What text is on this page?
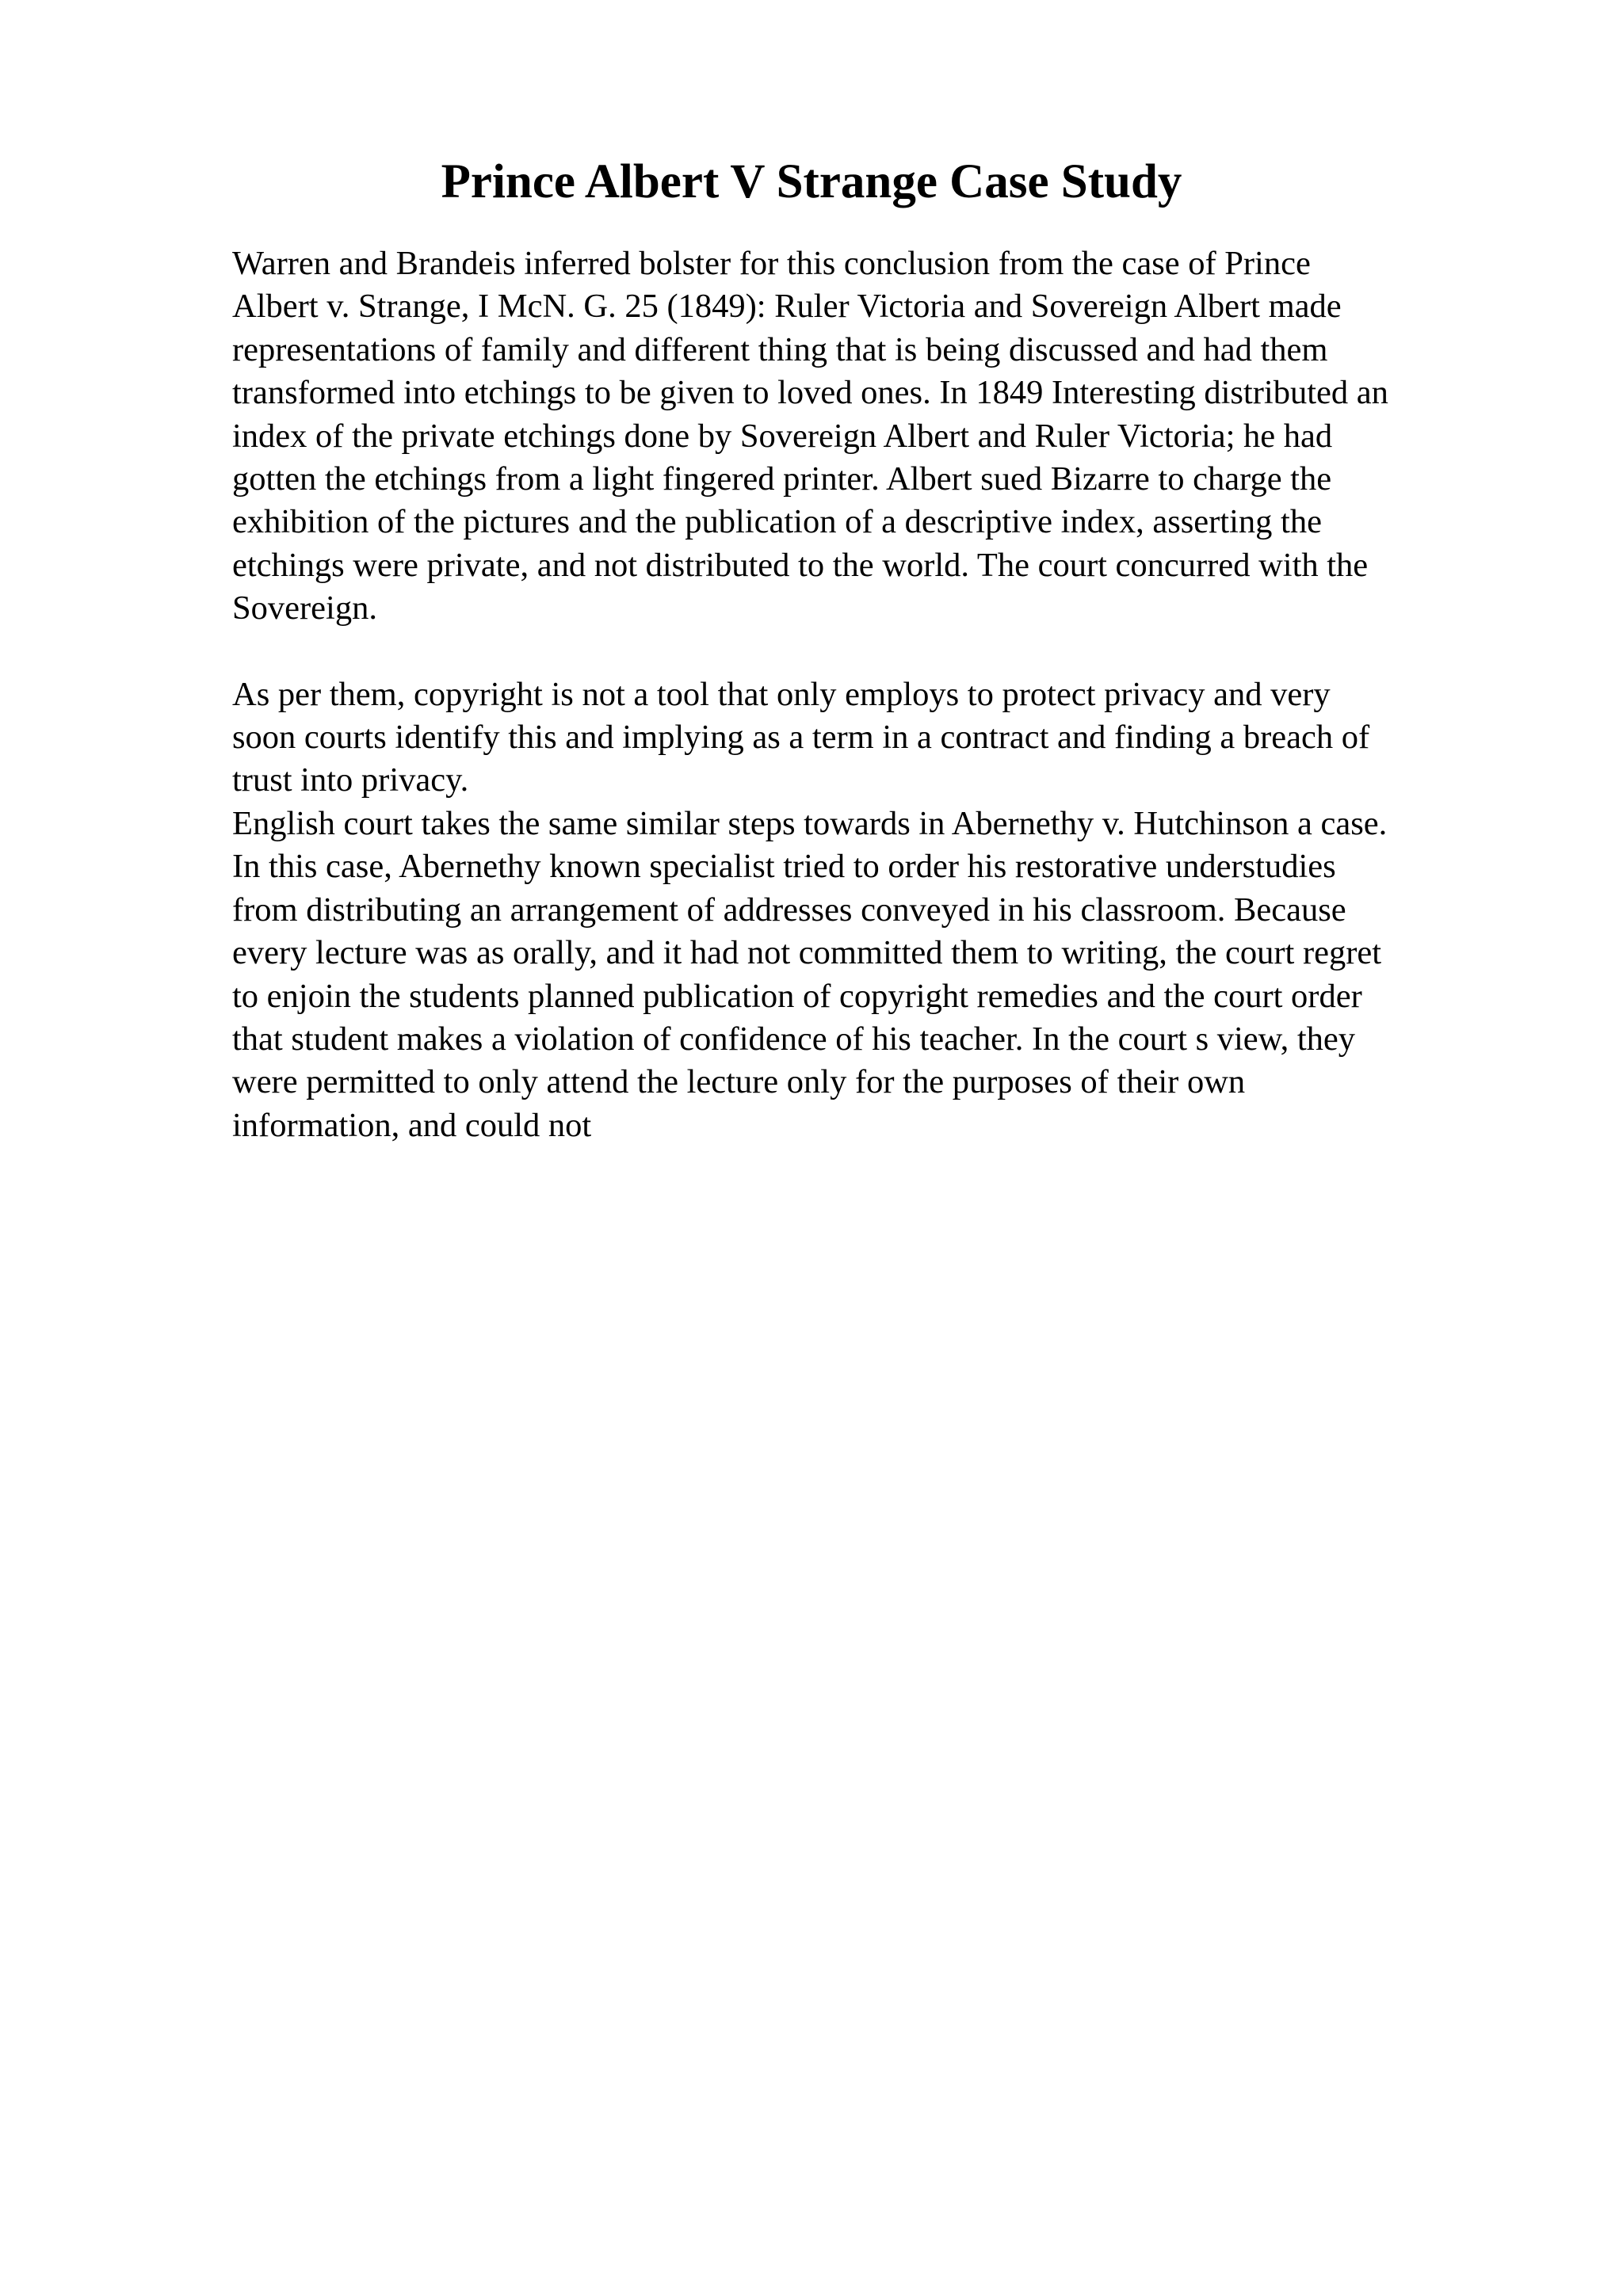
Prince Albert V Strange Case Study

Warren and Brandeis inferred bolster for this conclusion from the case of Prince
Albert v. Strange, I McN. G. 25 (1849): Ruler Victoria and Sovereign Albert made
representations of family and different thing that is being discussed and had them
transformed into etchings to be given to loved ones. In 1849 Interesting distributed an
index of the private etchings done by Sovereign Albert and Ruler Victoria; he had
gotten the etchings from a light fingered printer. Albert sued Bizarre to charge the
exhibition of the pictures and the publication of a descriptive index, asserting the
etchings were private, and not distributed to the world. The court concurred with the
Sovereign.

As per them, copyright is not a tool that only employs to protect privacy and very
soon courts identify this and implying as a term in a contract and finding a breach of
trust into privacy.

English court takes the same similar steps towards in Abernethy v. Hutchinson a case.
In this case, Abernethy known specialist tried to order his restorative understudies
from distributing an arrangement of addresses conveyed in his classroom. Because
every lecture was as orally, and it had not committed them to writing, the court regret
to enjoin the students planned publication of copyright remedies and the court order
that student makes a violation of confidence of his teacher. In the court s view, they
were permitted to only attend the lecture only for the purposes of their own
information, and could not
